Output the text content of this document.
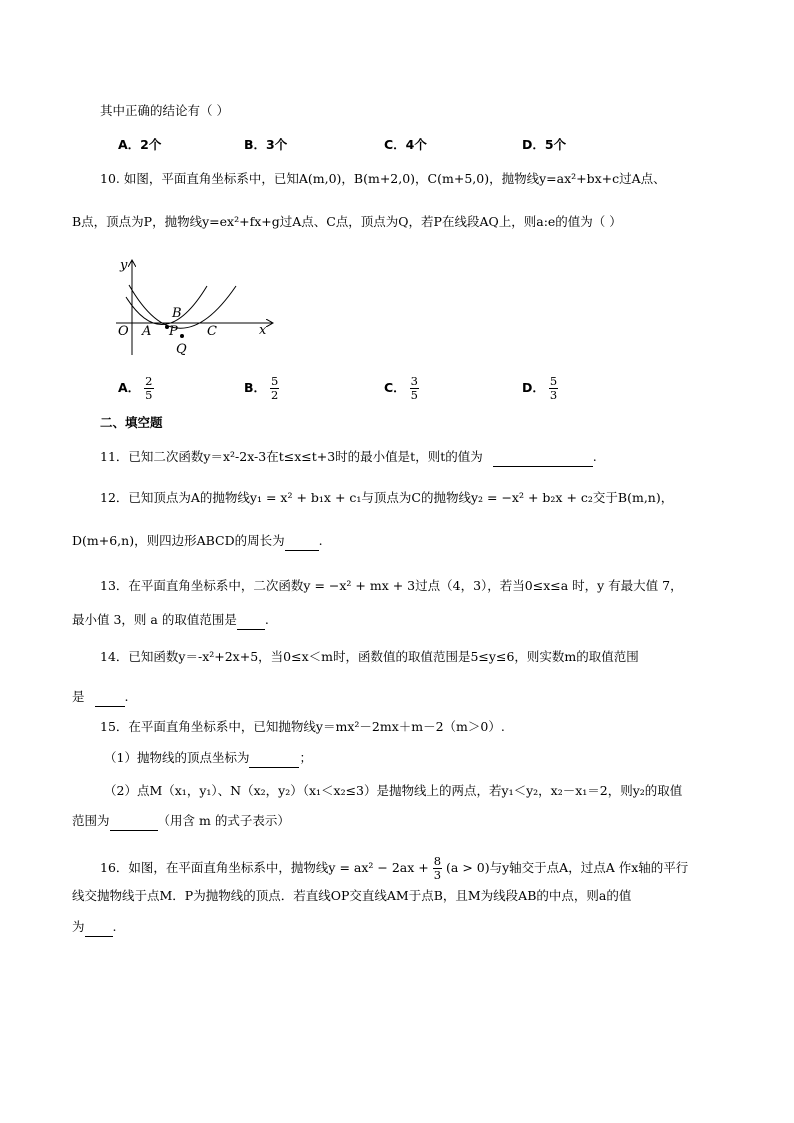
其中正确的结论有（ ）
A．2个	B．3个	C．4个	D．5个
10. 如图，平面直角坐标系中，已知A(m,0)，B(m+2,0)，C(m+5,0)，抛物线y=ax²+bx+c过A点、
B点，顶点为P，抛物线y=ex²+fx+g过A点、C点，顶点为Q，若P在线段AQ上，则a:e的值为（ ）
y
x
O A
B
P C
Q
A． $\frac{2}{5}$	B． $\frac{5}{2}$	C． $\frac{3}{5}$	D． $\frac{5}{3}$
二、填空题
11．已知二次函数y＝x²-2x-3在t≤x≤t+3时的最小值是t，则t的值为	.
12．已知顶点为A的抛物线y₁ = x² + b₁x + c₁与顶点为C的抛物线y₂ = −x² + b₂x + c₂交于B(m,n)，
D(m+6,n)，则四边形ABCD的周长为	.
13．在平面直角坐标系中，二次函数y = −x² + mx + 3过点（4，3），若当0≤x≤a 时，y 有最大值 7，
最小值 3，则 a 的取值范围是 .
14．已知函数y＝-x²+2x+5，当0≤x＜m时，函数值的取值范围是5≤y≤6，则实数m的取值范围
是	.
15．在平面直角坐标系中，已知抛物线y＝mx²－2mx＋m－2（m＞0）.
（1）抛物线的顶点坐标为	；
（2）点M（x₁，y₁）、N（x₂，y₂）（x₁＜x₂≤3）是抛物线上的两点，若y₁＜y₂，x₂－x₁＝2，则y₂的取值
范围为	（用含 m 的式子表示）
16．如图，在平面直角坐标系中，抛物线$y = ax^2 - 2ax + \frac{8}{3} (a > 0)$与y轴交于点A，过点A 作x轴的平行
线交抛物线于点M．P为抛物线的顶点．若直线OP交直线AM于点B，且M为线段AB的中点，则a的值
为 .
